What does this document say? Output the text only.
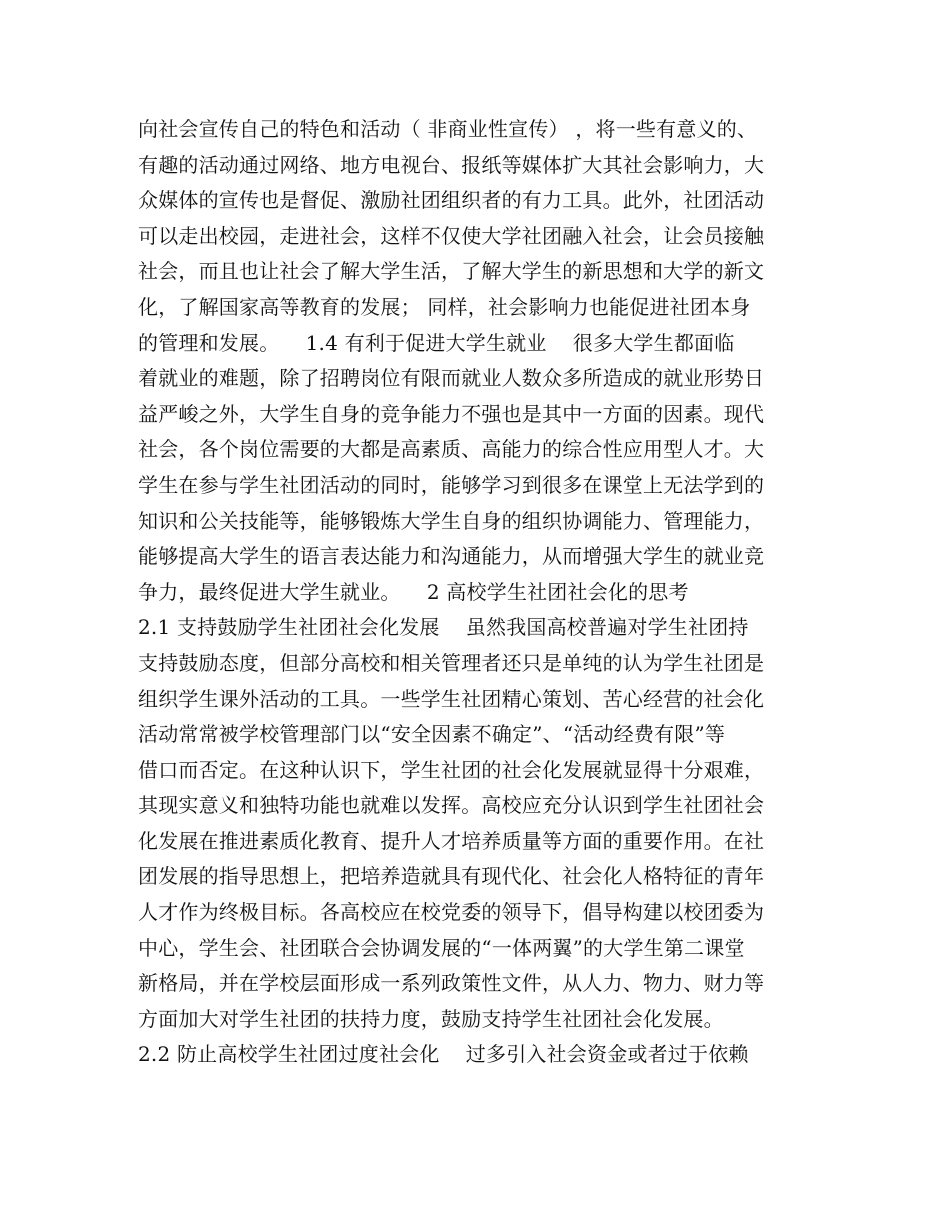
向社会宣传自己的特色和活动（ 非商业性宣传） ，将一些有意义的、
有趣的活动通过网络、地方电视台、报纸等媒体扩大其社会影响力，大
众媒体的宣传也是督促、激励社团组织者的有力工具。此外，社团活动
可以走出校园，走进社会，这样不仅使大学社团融入社会，让会员接触
社会，而且也让社会了解大学生活，了解大学生的新思想和大学的新文
化，了解国家高等教育的发展； 同样，社会影响力也能促进社团本身
的管理和发展。    1.4 有利于促进大学生就业    很多大学生都面临
着就业的难题，除了招聘岗位有限而就业人数众多所造成的就业形势日
益严峻之外，大学生自身的竞争能力不强也是其中一方面的因素。现代
社会，各个岗位需要的大都是高素质、高能力的综合性应用型人才。大
学生在参与学生社团活动的同时，能够学习到很多在课堂上无法学到的
知识和公关技能等，能够锻炼大学生自身的组织协调能力、管理能力，
能够提高大学生的语言表达能力和沟通能力，从而增强大学生的就业竞
争力，最终促进大学生就业。    2 高校学生社团社会化的思考
2.1 支持鼓励学生社团社会化发展    虽然我国高校普遍对学生社团持
支持鼓励态度，但部分高校和相关管理者还只是单纯的认为学生社团是
组织学生课外活动的工具。一些学生社团精心策划、苦心经营的社会化
活动常常被学校管理部门以“安全因素不确定”、“活动经费有限”等
借口而否定。在这种认识下，学生社团的社会化发展就显得十分艰难，
其现实意义和独特功能也就难以发挥。高校应充分认识到学生社团社会
化发展在推进素质化教育、提升人才培养质量等方面的重要作用。在社
团发展的指导思想上，把培养造就具有现代化、社会化人格特征的青年
人才作为终极目标。各高校应在校党委的领导下，倡导构建以校团委为
中心，学生会、社团联合会协调发展的“一体两翼”的大学生第二课堂
新格局，并在学校层面形成一系列政策性文件，从人力、物力、财力等
方面加大对学生社团的扶持力度，鼓励支持学生社团社会化发展。
2.2 防止高校学生社团过度社会化    过多引入社会资金或者过于依赖
